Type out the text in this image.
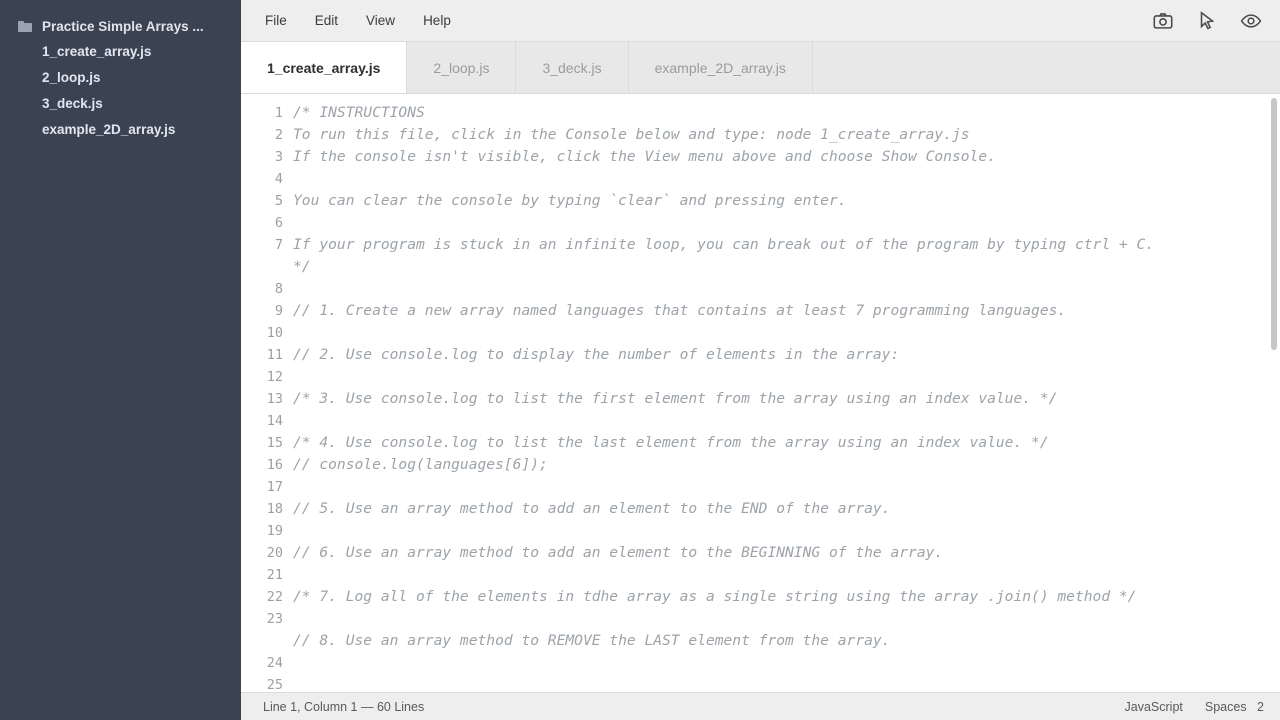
Practice Simple Arrays ...
1_create_array.js
2_loop.js
3_deck.js
example_2D_array.js
File	Edit	View	Help
1_create_array.js	2_loop.js	3_deck.js	example_2D_array.js
1
2
3
4
5
6
7
8
9
10
11
12
13
14
15
16
17
18
19
20
21
22
23
24
25
/* INSTRUCTIONS
To run this file, click in the Console below and type: node 1_create_array.js
If the console isn't visible, click the View menu above and choose Show Console.
You can clear the console by typing `clear` and pressing enter.
If your program is stuck in an infinite loop, you can break out of the program by typing ctrl + C.
*/
// 1. Create a new array named languages that contains at least 7 programming languages.
// 2. Use console.log to display the number of elements in the array:
/* 3. Use console.log to list the first element from the array using an index value. */
/* 4. Use console.log to list the last element from the array using an index value. */
// console.log(languages[6]);
// 5. Use an array method to add an element to the END of the array.
// 6. Use an array method to add an element to the BEGINNING of the array.
/* 7. Log all of the elements in tdhe array as a single string using the array .join() method */
// 8. Use an array method to REMOVE the LAST element from the array.
Line 1, Column 1 — 60 Lines	JavaScript Spaces 2
